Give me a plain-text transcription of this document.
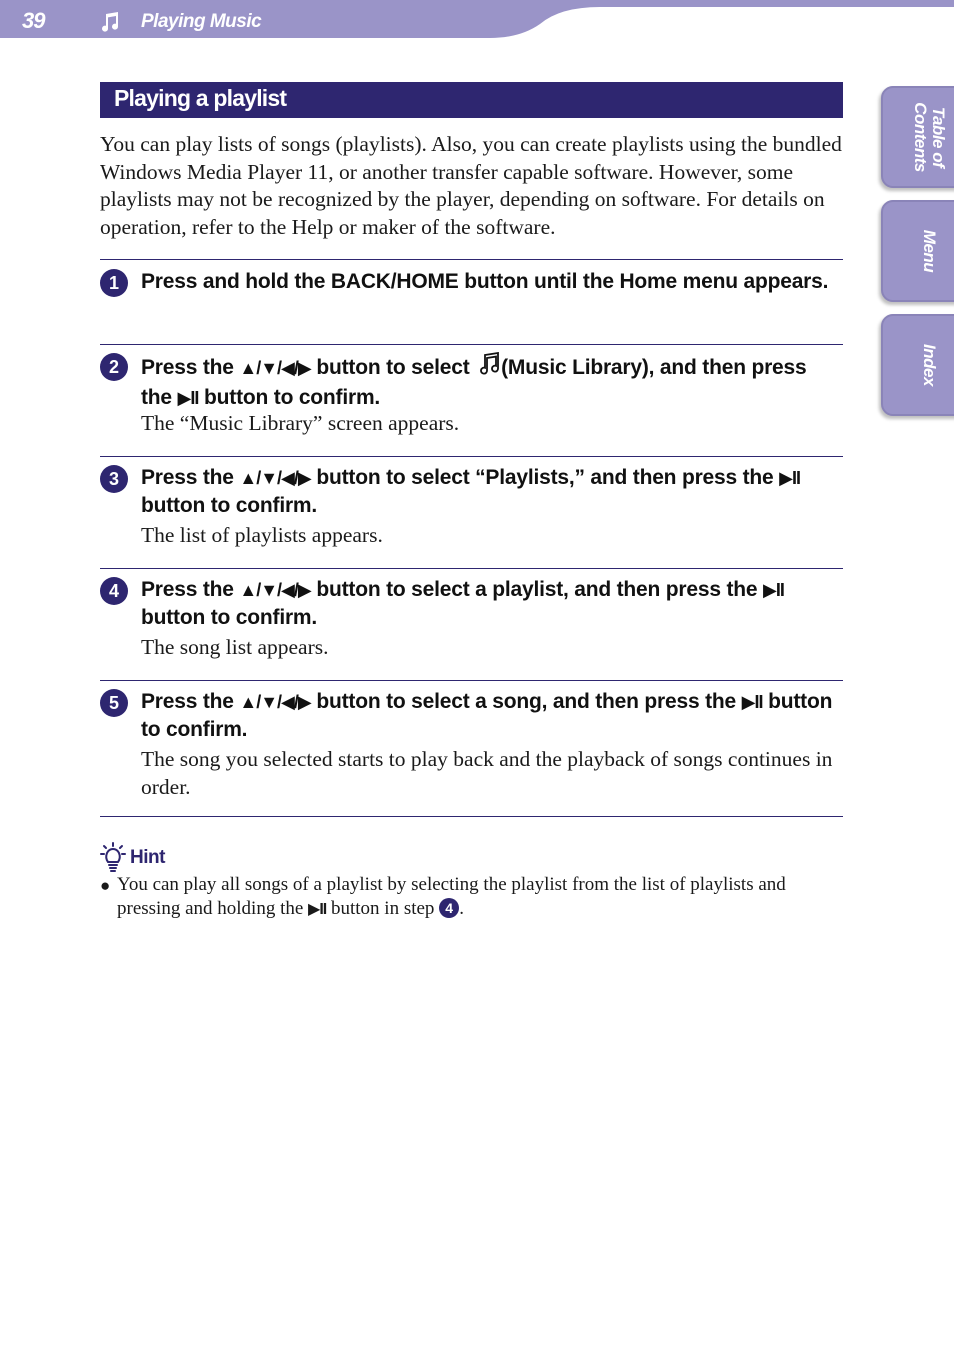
39	Playing Music
Table of
Contents
Menu
Index
Playing a playlist

You can play lists of songs (playlists). Also, you can create playlists using the bundled Windows Media Player 11, or another transfer capable software. However, some playlists may not be recognized by the player, depending on software. For details on operation, refer to the Help or maker of the software.

1	Press and hold the BACK/HOME button until the Home menu appears.
2	Press the ▲/▼/◀/▶ button to select (Music Library), and then press the ▶II button to confirm.
The “Music Library” screen appears.
3	Press the ▲/▼/◀/▶ button to select “Playlists,” and then press the ▶II button to confirm.
The list of playlists appears.
4	Press the ▲/▼/◀/▶ button to select a playlist, and then press the ▶II button to confirm.
The song list appears.
5	Press the ▲/▼/◀/▶ button to select a song, and then press the ▶II button to confirm.
The song you selected starts to play back and the playback of songs continues in order.
Hint
● You can play all songs of a playlist by selecting the playlist from the list of playlists and pressing and holding the ▶II button in step 4 .
